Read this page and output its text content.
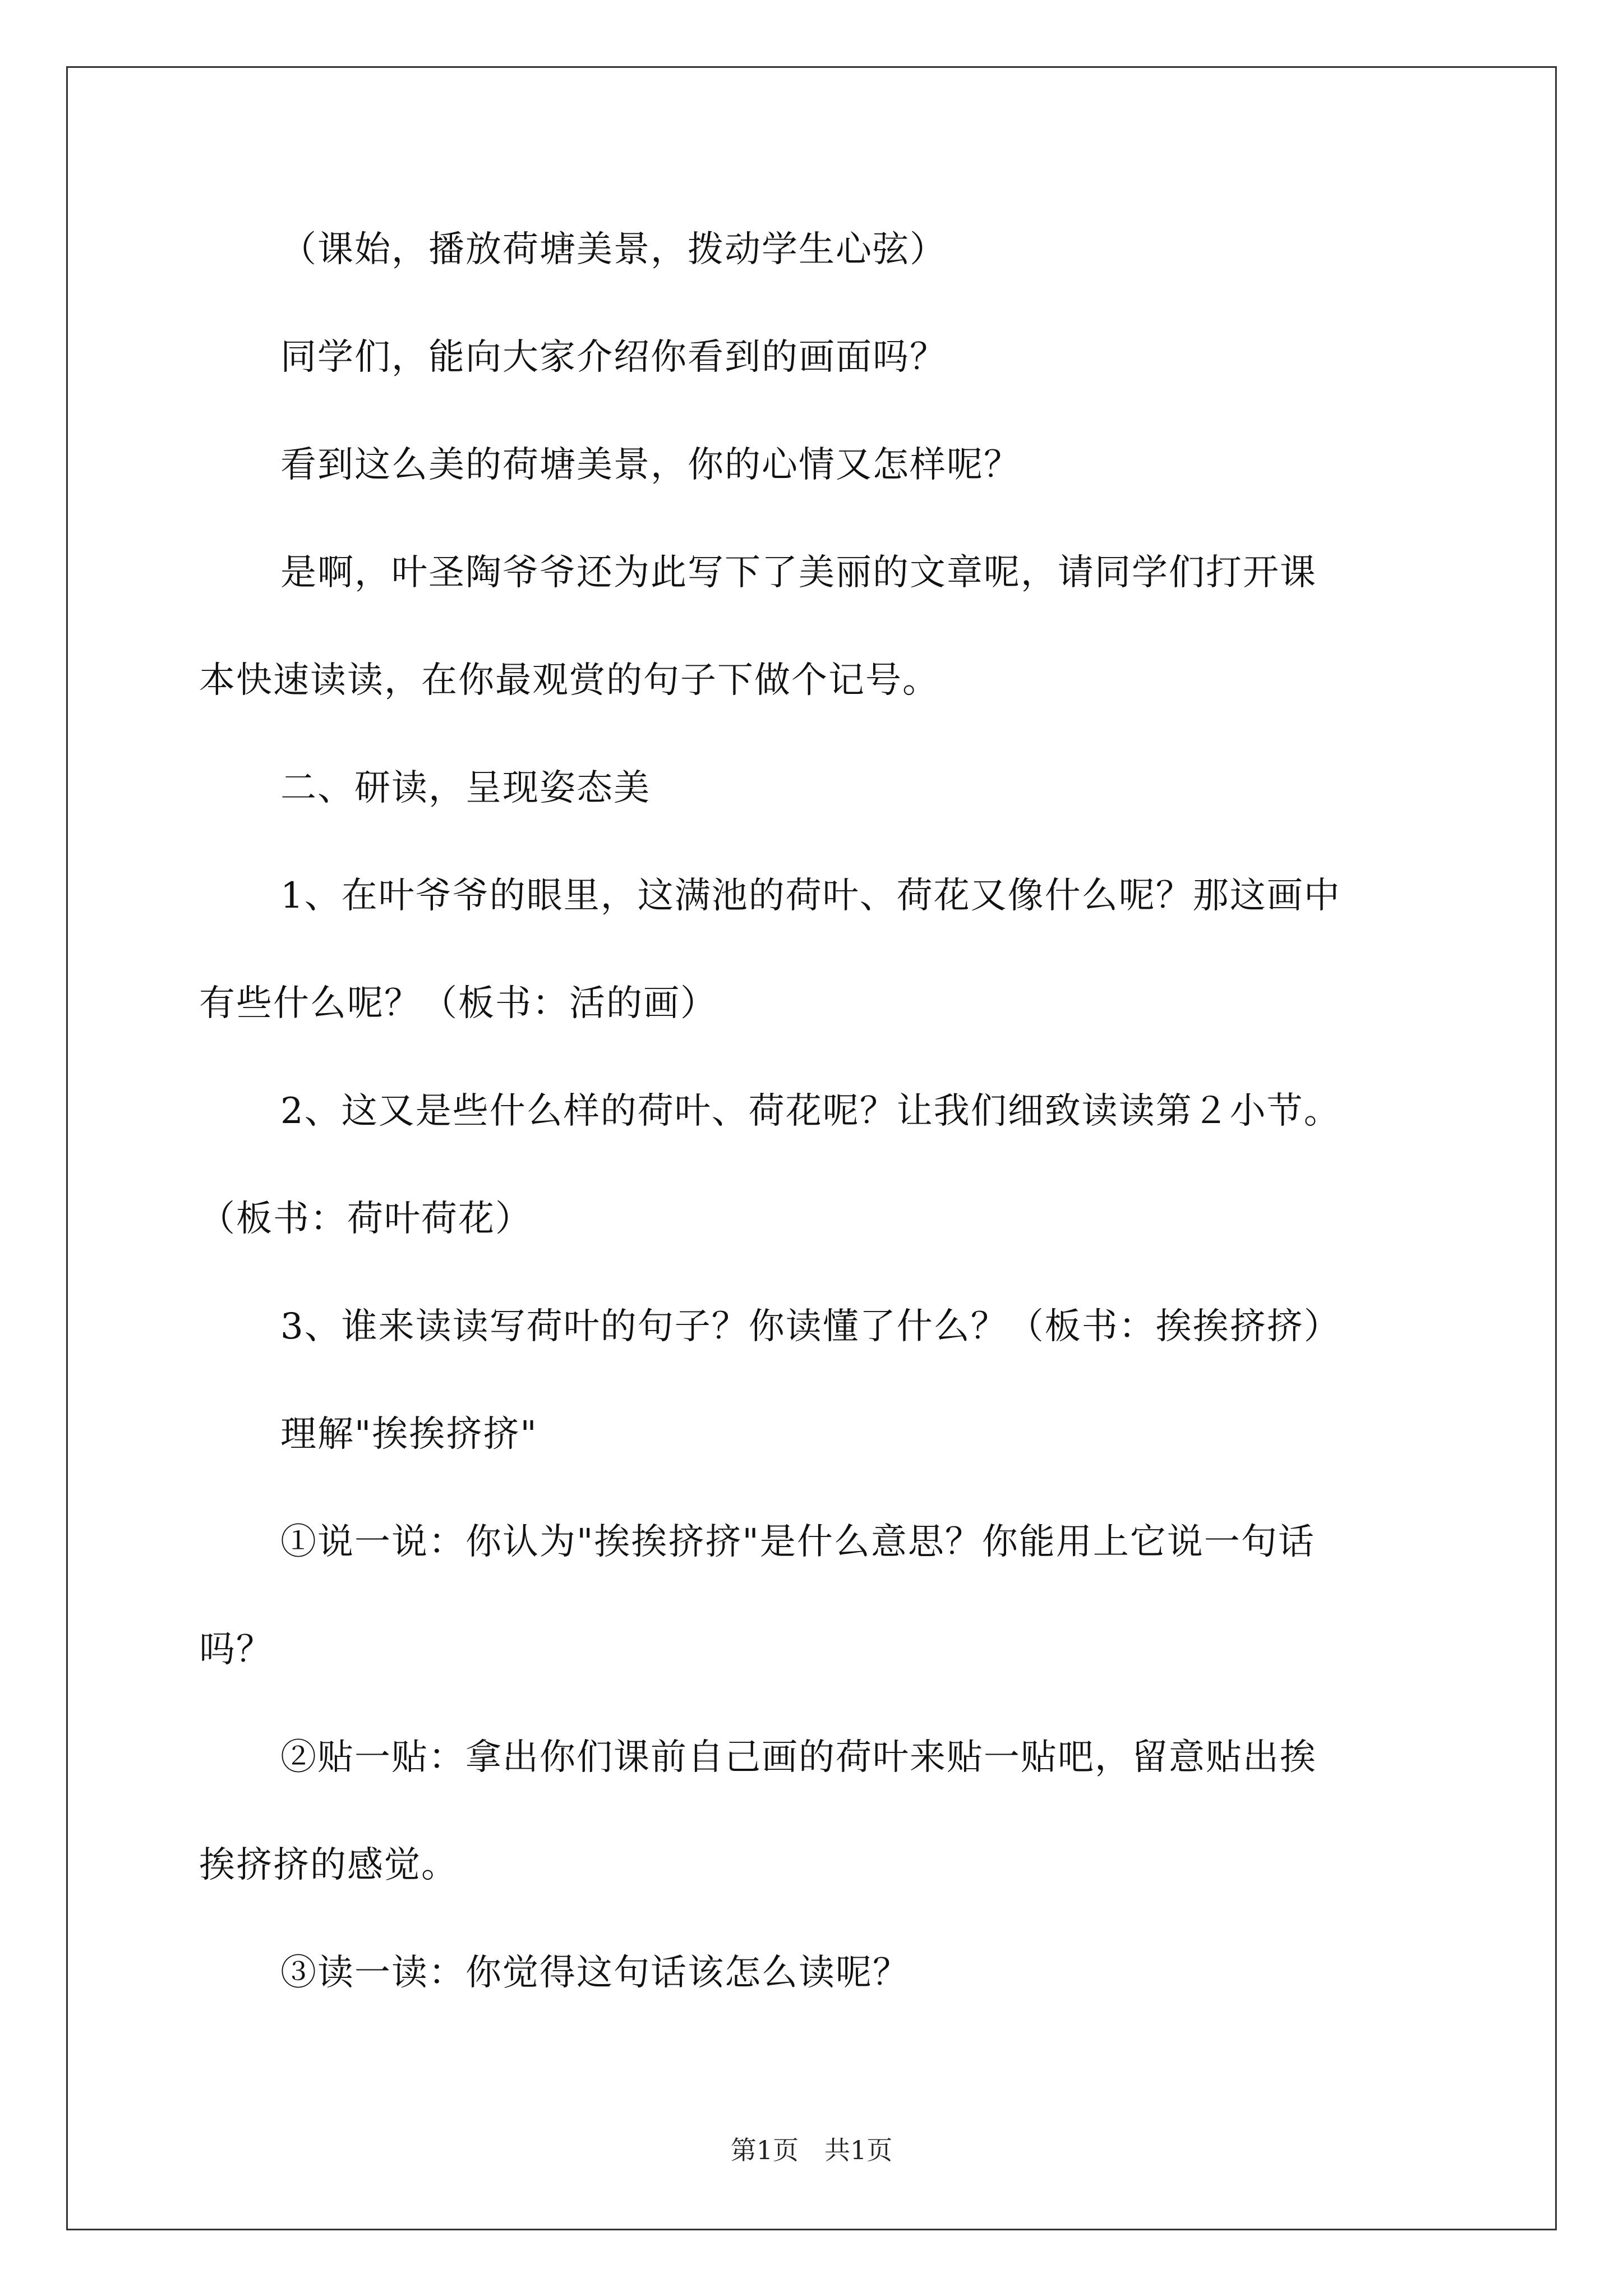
（课始，播放荷塘美景，拨动学生心弦）

同学们，能向大家介绍你看到的画面吗？

看到这么美的荷塘美景，你的心情又怎样呢？

是啊，叶圣陶爷爷还为此写下了美丽的文章呢，请同学们打开课

本快速读读，在你最观赏的句子下做个记号。

二、研读，呈现姿态美

1、在叶爷爷的眼里，这满池的荷叶、荷花又像什么呢？那这画中

有些什么呢？（板书：活的画）

2、这又是些什么样的荷叶、荷花呢？让我们细致读读第２小节。

（板书：荷叶荷花）

3、谁来读读写荷叶的句子？你读懂了什么？（板书：挨挨挤挤）

理解"挨挨挤挤"

①说一说：你认为"挨挨挤挤"是什么意思？你能用上它说一句话

吗？

②贴一贴：拿出你们课前自己画的荷叶来贴一贴吧，留意贴出挨

挨挤挤的感觉。

③读一读：你觉得这句话该怎么读呢？

第1页　共1页
